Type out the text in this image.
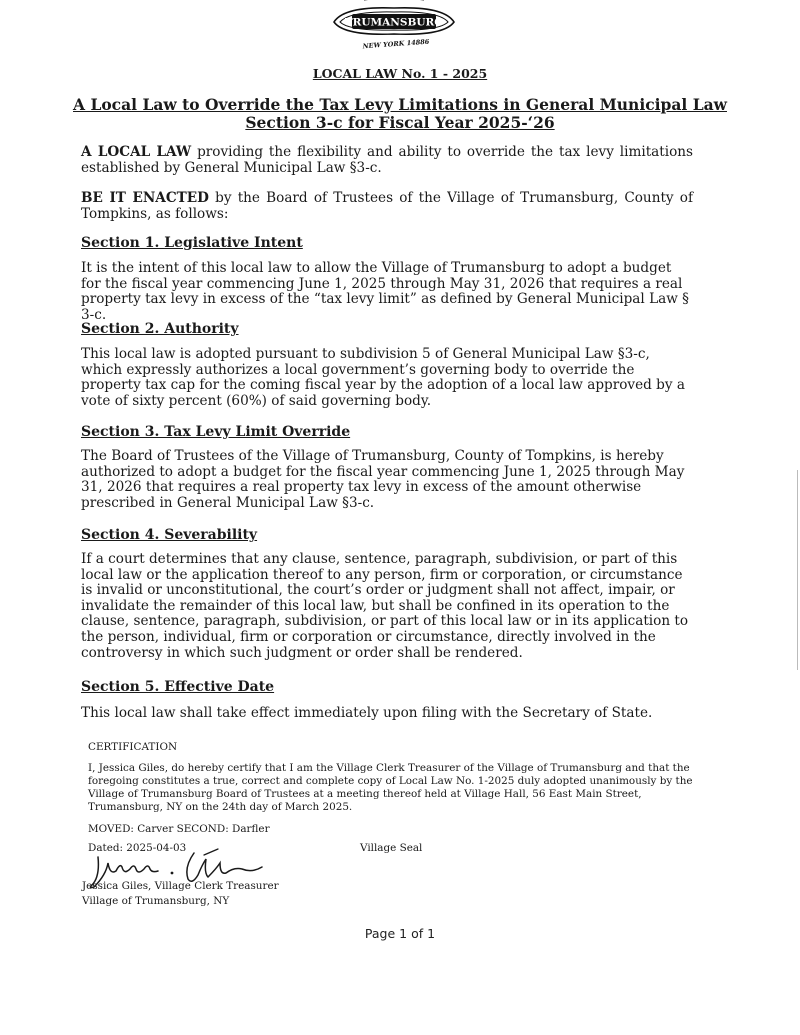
TRUMANSBURG
NEW YORK 14886
LOCAL LAW No. 1 - 2025
A Local Law to Override the Tax Levy Limitations in General Municipal Law
Section 3-c for Fiscal Year 2025-‘26

A LOCAL LAW providing the flexibility and ability to override the tax levy limitations established by General Municipal Law §3-c.

BE IT ENACTED by the Board of Trustees of the Village of Trumansburg, County of Tompkins, as follows:

Section 1. Legislative Intent

It is the intent of this local law to allow the Village of Trumansburg to adopt a budget for the fiscal year commencing June 1, 2025 through May 31, 2026 that requires a real property tax levy in excess of the “tax levy limit” as defined by General Municipal Law § 3-c.

Section 2. Authority

This local law is adopted pursuant to subdivision 5 of General Municipal Law §3-c, which expressly authorizes a local government’s governing body to override the property tax cap for the coming fiscal year by the adoption of a local law approved by a vote of sixty percent (60%) of said governing body.

Section 3. Tax Levy Limit Override

The Board of Trustees of the Village of Trumansburg, County of Tompkins, is hereby authorized to adopt a budget for the fiscal year commencing June 1, 2025 through May 31, 2026 that requires a real property tax levy in excess of the amount otherwise prescribed in General Municipal Law §3-c.

Section 4. Severability

If a court determines that any clause, sentence, paragraph, subdivision, or part of this local law or the application thereof to any person, firm or corporation, or circumstance is invalid or unconstitutional, the court’s order or judgment shall not affect, impair, or invalidate the remainder of this local law, but shall be confined in its operation to the clause, sentence, paragraph, subdivision, or part of this local law or in its application to the person, individual, firm or corporation or circumstance, directly involved in the controversy in which such judgment or order shall be rendered.

Section 5. Effective Date

This local law shall take effect immediately upon filing with the Secretary of State.

CERTIFICATION

I, Jessica Giles, do hereby certify that I am the Village Clerk Treasurer of the Village of Trumansburg and that the foregoing constitutes a true, correct and complete copy of Local Law No. 1-2025 duly adopted unanimously by the Village of Trumansburg Board of Trustees at a meeting thereof held at Village Hall, 56 East Main Street, Trumansburg, NY on the 24th day of March 2025.

MOVED: Carver SECOND: Darfler

Dated: 2025-04-03	Village Seal

Jessica Giles, Village Clerk Treasurer

Village of Trumansburg, NY

Page 1 of 1
